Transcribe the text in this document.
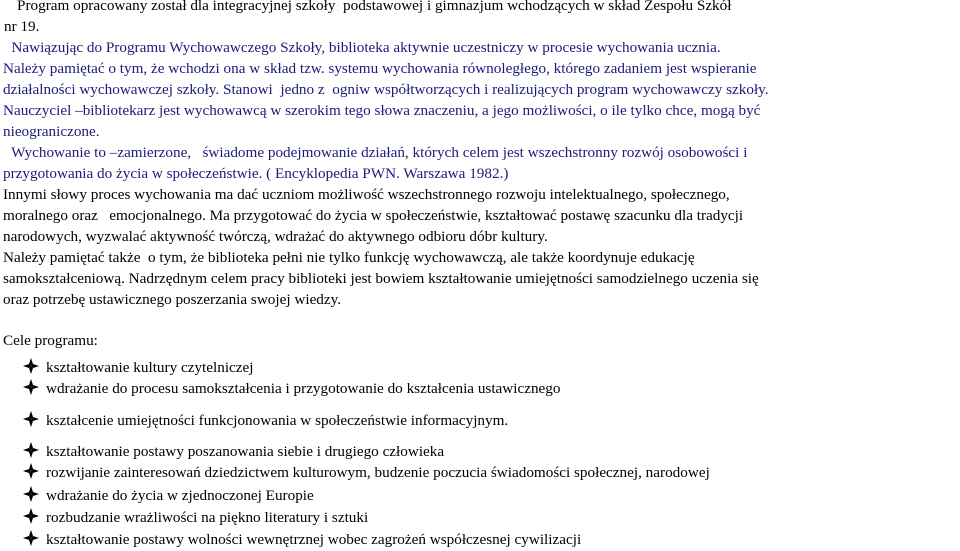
Program opracowany został dla integracyjnej szkoły  podstawowej i gimnazjum wchodzących w skład Zespołu Szkół
nr 19.
Nawiązując do Programu Wychowawczego Szkoły, biblioteka aktywnie uczestniczy w procesie wychowania ucznia.
Należy pamiętać o tym, że wchodzi ona w skład tzw. systemu wychowania równoległego, którego zadaniem jest wspieranie
działalności wychowawczej szkoły. Stanowi  jedno z  ogniw współtworzących i realizujących program wychowawczy szkoły.
Nauczyciel –bibliotekarz jest wychowawcą w szerokim tego słowa znaczeniu, a jego możliwości, o ile tylko chce, mogą być
nieograniczone.
Wychowanie to –zamierzone,   świadome podejmowanie działań, których celem jest wszechstronny rozwój osobowości i
przygotowania do życia w społeczeństwie. ( Encyklopedia PWN. Warszawa 1982.)
Innymi słowy proces wychowania ma dać uczniom możliwość wszechstronnego rozwoju intelektualnego, społecznego,
moralnego oraz   emocjonalnego. Ma przygotować do życia w społeczeństwie, kształtować postawę szacunku dla tradycji
narodowych, wyzwalać aktywność twórczą, wdrażać do aktywnego odbioru dóbr kultury.
Należy pamiętać także  o tym, że biblioteka pełni nie tylko funkcję wychowawczą, ale także koordynuje edukację
samokształceniową. Nadrzędnym celem pracy biblioteki jest bowiem kształtowanie umiejętności samodzielnego uczenia się
oraz potrzebę ustawicznego poszerzania swojej wiedzy.
Cele programu:
kształtowanie kultury czytelniczej
wdrażanie do procesu samokształcenia i przygotowanie do kształcenia ustawicznego
kształcenie umiejętności funkcjonowania w społeczeństwie informacyjnym.
kształtowanie postawy poszanowania siebie i drugiego człowieka
rozwijanie zainteresowań dziedzictwem kulturowym, budzenie poczucia świadomości społecznej, narodowej
wdrażanie do życia w zjednoczonej Europie
rozbudzanie wrażliwości na piękno literatury i sztuki
kształtowanie postawy wolności wewnętrznej wobec zagrożeń współczesnej cywilizacji
